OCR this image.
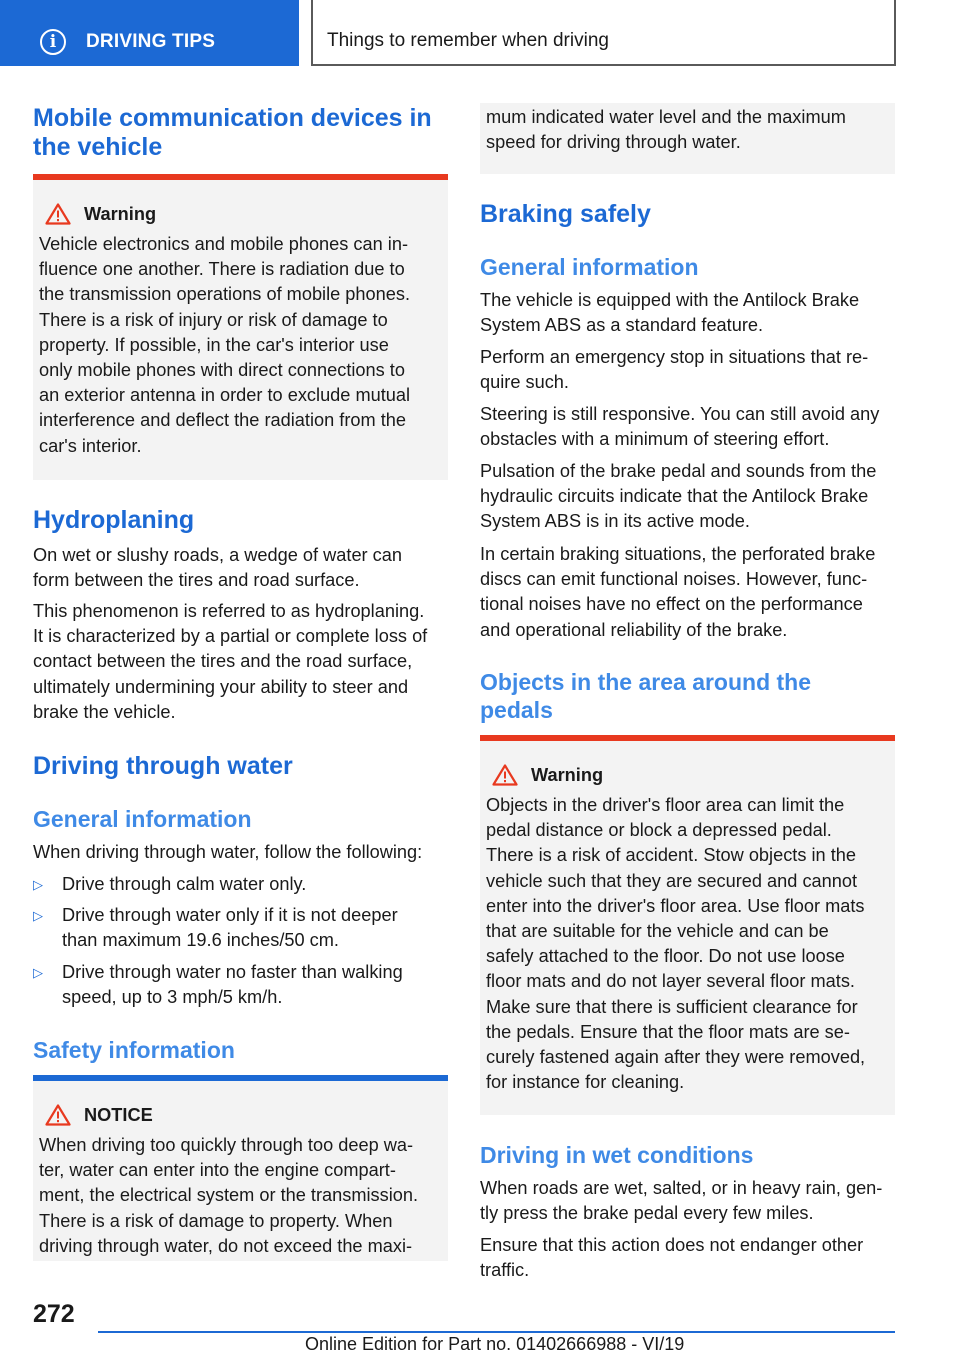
i	DRIVING TIPS	Things to remember when driving
Mobile communication devices in the vehicle
Warning
Vehicle electronics and mobile phones can in-
fluence one another. There is radiation due to
the transmission operations of mobile phones.
There is a risk of injury or risk of damage to
property. If possible, in the car's interior use
only mobile phones with direct connections to
an exterior antenna in order to exclude mutual
interference and deflect the radiation from the
car's interior.
Hydroplaning
On wet or slushy roads, a wedge of water can
form between the tires and road surface.
This phenomenon is referred to as hydroplaning.
It is characterized by a partial or complete loss of
contact between the tires and the road surface,
ultimately undermining your ability to steer and
brake the vehicle.
Driving through water
General information
When driving through water, follow the following:
▷ Drive through calm water only.
▷ Drive through water only if it is not deeper
than maximum 19.6 inches/50 cm.
▷ Drive through water no faster than walking
speed, up to 3 mph/5 km/h.
Safety information
NOTICE
When driving too quickly through too deep wa-
ter, water can enter into the engine compart-
ment, the electrical system or the transmission.
There is a risk of damage to property. When
driving through water, do not exceed the maxi-
mum indicated water level and the maximum
speed for driving through water.
Braking safely
General information
The vehicle is equipped with the Antilock Brake
System ABS as a standard feature.
Perform an emergency stop in situations that re-
quire such.
Steering is still responsive. You can still avoid any
obstacles with a minimum of steering effort.
Pulsation of the brake pedal and sounds from the
hydraulic circuits indicate that the Antilock Brake
System ABS is in its active mode.
In certain braking situations, the perforated brake
discs can emit functional noises. However, func-
tional noises have no effect on the performance
and operational reliability of the brake.
Objects in the area around the
pedals
Warning
Objects in the driver's floor area can limit the
pedal distance or block a depressed pedal.
There is a risk of accident. Stow objects in the
vehicle such that they are secured and cannot
enter into the driver's floor area. Use floor mats
that are suitable for the vehicle and can be
safely attached to the floor. Do not use loose
floor mats and do not layer several floor mats.
Make sure that there is sufficient clearance for
the pedals. Ensure that the floor mats are se-
curely fastened again after they were removed,
for instance for cleaning.
Driving in wet conditions
When roads are wet, salted, or in heavy rain, gen-
tly press the brake pedal every few miles.
Ensure that this action does not endanger other
traffic.
272
Online Edition for Part no. 01402666988 - VI/19
